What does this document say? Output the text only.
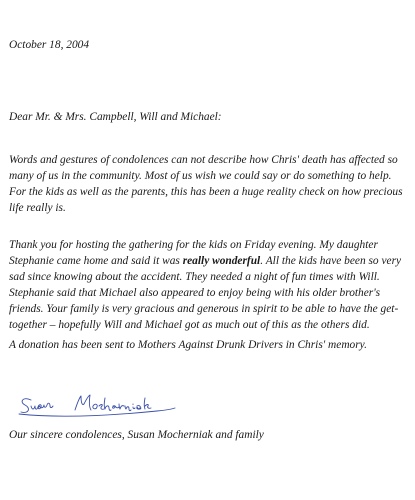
October 18, 2004
Dear Mr. & Mrs. Campbell, Will and Michael:

Words and gestures of condolences can not describe how Chris' death has affected so many of us in the community. Most of us wish we could say or do something to help. For the kids as well as the parents, this has been a huge reality check on how precious life really is.

Thank you for hosting the gathering for the kids on Friday evening. My daughter Stephanie came home and said it was really wonderful. All the kids have been so very sad since knowing about the accident. They needed a night of fun times with Will. Stephanie said that Michael also appeared to enjoy being with his older brother's friends. Your family is very gracious and generous in spirit to be able to have the get-together – hopefully Will and Michael got as much out of this as the others did.

A donation has been sent to Mothers Against Drunk Drivers in Chris' memory.

Our sincere condolences, Susan Mocherniak and family
